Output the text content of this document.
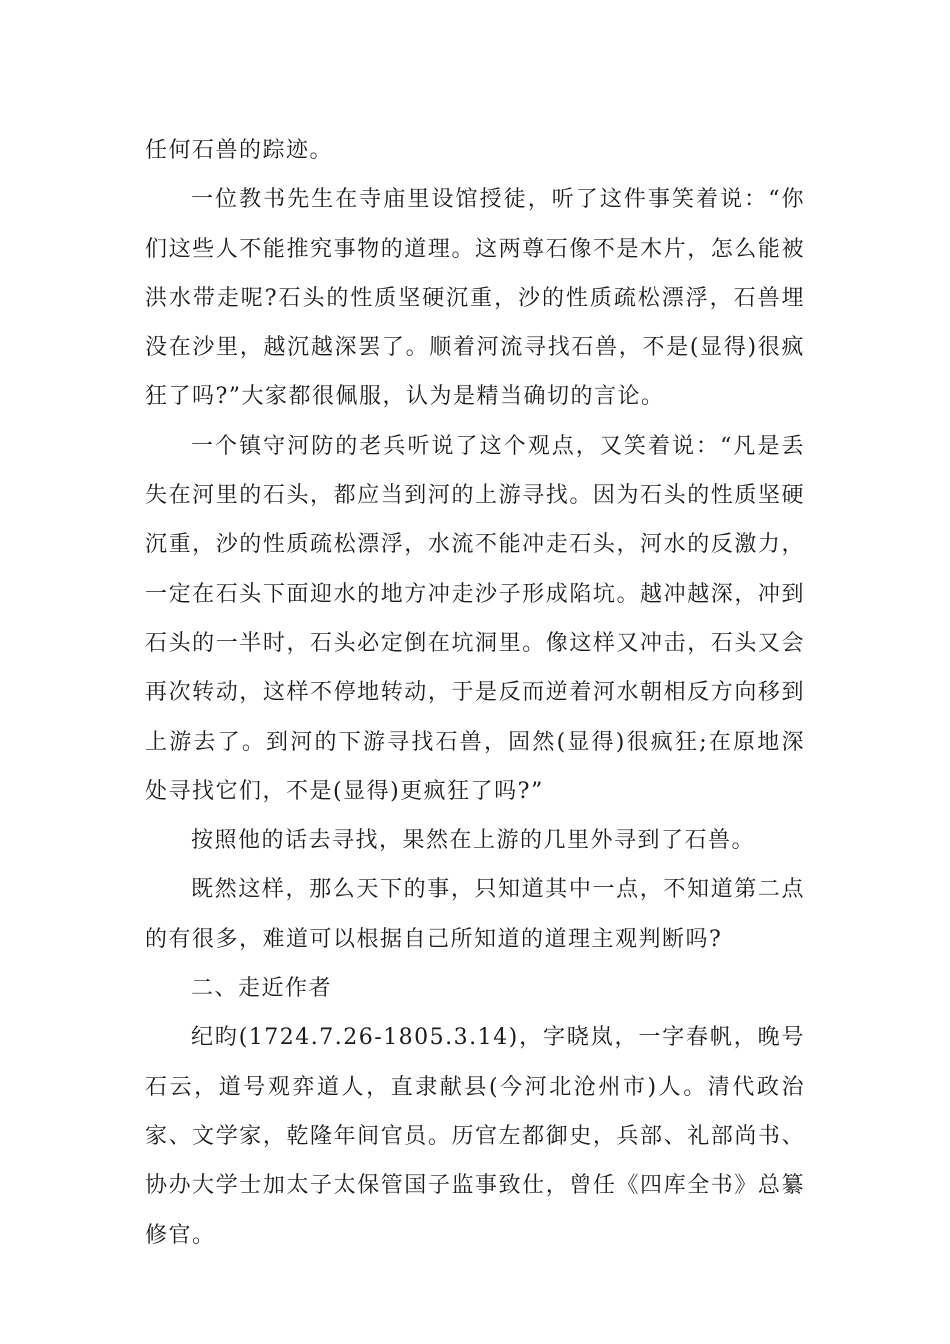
任何石兽的踪迹。

一位教书先生在寺庙里设馆授徒，听了这件事笑着说：“你们这些人不能推究事物的道理。这两尊石像不是木片，怎么能被洪水带走呢?石头的性质坚硬沉重，沙的性质疏松漂浮，石兽埋没在沙里，越沉越深罢了。顺着河流寻找石兽，不是(显得)很疯狂了吗?”大家都很佩服，认为是精当确切的言论。

一个镇守河防的老兵听说了这个观点，又笑着说：“凡是丢失在河里的石头，都应当到河的上游寻找。因为石头的性质坚硬沉重，沙的性质疏松漂浮，水流不能冲走石头，河水的反激力，一定在石头下面迎水的地方冲走沙子形成陷坑。越冲越深，冲到石头的一半时，石头必定倒在坑洞里。像这样又冲击，石头又会再次转动，这样不停地转动，于是反而逆着河水朝相反方向移到上游去了。到河的下游寻找石兽，固然(显得)很疯狂;在原地深处寻找它们，不是(显得)更疯狂了吗?”

按照他的话去寻找，果然在上游的几里外寻到了石兽。

既然这样，那么天下的事，只知道其中一点，不知道第二点的有很多，难道可以根据自己所知道的道理主观判断吗?

二、走近作者

纪昀(1724.7.26-1805.3.14)，字晓岚，一字春帆，晚号石云，道号观弈道人，直隶献县(今河北沧州市)人。清代政治家、文学家，乾隆年间官员。历官左都御史，兵部、礼部尚书、协办大学士加太子太保管国子监事致仕，曾任《四库全书》总纂修官。
